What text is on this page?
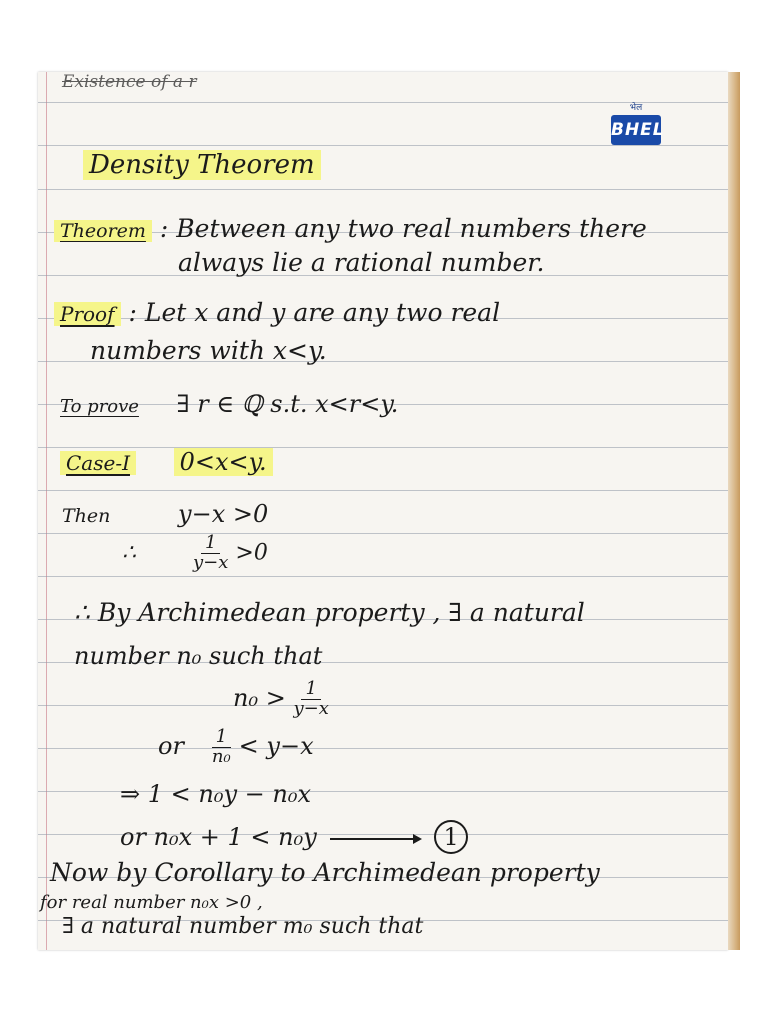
Existence of a r
भेल
BHEL
Density Theorem
Theorem : Between any two real numbers there
always lie a rational number.
Proof : Let x and y are any two real
numbers with x<y.
To prove ∃ r ∈ ℚ s.t. x<r<y.
Case-I 0<x<y.
Then	y−x >0
∴	$\frac{1}{y-x} >0$
∴ By Archimedean property , ∃ a natural
number n₀ such that
$n_0 > \frac{1}{y-x}$
or $\frac{1}{\text{n₀}} < y-x$
⇒ 1 < n₀y − n₀x
or n₀x + 1 < n₀y	1
Now by Corollary to Archimedean property
for real number n₀x >0 ,
∃ a natural number m₀ such that
